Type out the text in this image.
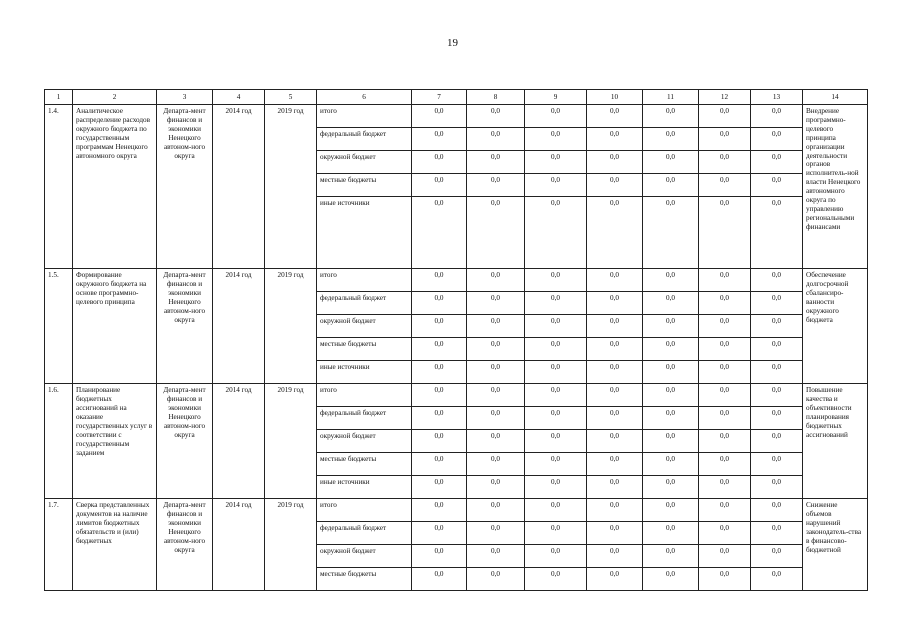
19
1	2	3	4	5	6	7	8	9	10	11	12	13	14
1.4.	Аналитическое распределение расходов окружного бюджета по государственным программам Ненецкого автономного округа	Департа-мент финансов и экономики Ненецкого автоном-ного округа	2014 год	2019 год	итого	0,0	0,0	0,0	0,0	0,0	0,0	0,0	Внедрение программно-целевого принципа организации деятельности органов исполнитель-ной власти Ненецкого автономного округа по управлению региональными финансами
					федеральный бюджет	0,0	0,0	0,0	0,0	0,0	0,0	0,0	
					окружной бюджет	0,0	0,0	0,0	0,0	0,0	0,0	0,0	
					местные бюджеты	0,0	0,0	0,0	0,0	0,0	0,0	0,0	
					иные источники	0,0	0,0	0,0	0,0	0,0	0,0	0,0	
1.5.	Формирование окружного бюджета на основе программно-целевого принципа	Департа-мент финансов и экономики Ненецкого автоном-ного округа	2014 год	2019 год	итого	0,0	0,0	0,0	0,0	0,0	0,0	0,0	Обеспечение долгосрочной сбалансиро-ванности окружного бюджета
					федеральный бюджет	0,0	0,0	0,0	0,0	0,0	0,0	0,0	
					окружной бюджет	0,0	0,0	0,0	0,0	0,0	0,0	0,0	
					местные бюджеты	0,0	0,0	0,0	0,0	0,0	0,0	0,0	
					иные источники	0,0	0,0	0,0	0,0	0,0	0,0	0,0	
1.6.	Планирование бюджетных ассигнований на оказание государственных услуг в соответствии с государственным заданием	Департа-мент финансов и экономики Ненецкого автоном-ного округа	2014 год	2019 год	итого	0,0	0,0	0,0	0,0	0,0	0,0	0,0	Повышение качества и объективности планирования бюджетных ассигнований
					федеральный бюджет	0,0	0,0	0,0	0,0	0,0	0,0	0,0	
					окружной бюджет	0,0	0,0	0,0	0,0	0,0	0,0	0,0	
					местные бюджеты	0,0	0,0	0,0	0,0	0,0	0,0	0,0	
					иные источники	0,0	0,0	0,0	0,0	0,0	0,0	0,0	
1.7.	Сверка представленных документов на наличие лимитов бюджетных обязательств и (или) бюджетных	Департа-мент финансов и экономики Ненецкого автоном-ного округа	2014 год	2019 год	итого	0,0	0,0	0,0	0,0	0,0	0,0	0,0	Снижение объемов нарушений законодатель-ства в финансово-бюджетной
					федеральный бюджет	0,0	0,0	0,0	0,0	0,0	0,0	0,0	
					окружной бюджет	0,0	0,0	0,0	0,0	0,0	0,0	0,0	
					местные бюджеты	0,0	0,0	0,0	0,0	0,0	0,0	0,0	
